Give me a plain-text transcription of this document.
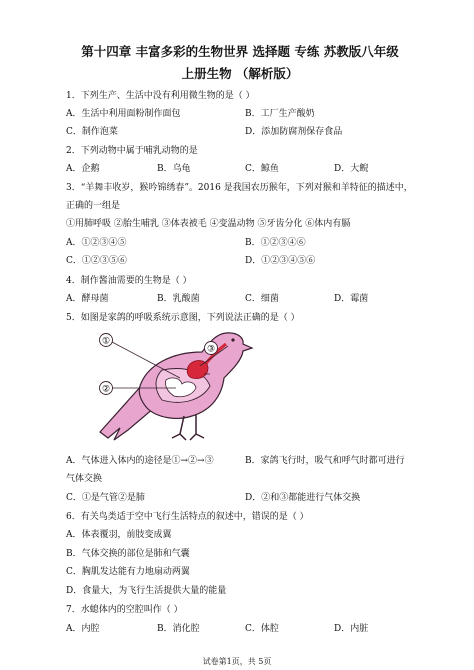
第十四章 丰富多彩的生物世界 选择题 专练 苏教版八年级
上册生物 （解析版）
1．下列生产、生活中没有利用微生物的是（ ）
A．生活中利用面粉制作面包	B．工厂生产酸奶
C．制作泡菜	D．添加防腐剂保存食品
2．下列动物中属于哺乳动物的是
A．企鹅	B．乌龟	C．鲸鱼	D．大鲵
3．“羊舞丰收岁，猴吟锦绣春”。2016 是我国农历猴年，下列对猴和羊特征的描述中，
正确的一组是
①用肺呼吸 ②胎生哺乳 ③体表被毛 ④变温动物 ⑤牙齿分化 ⑥体内有膈
A．①②③④⑤	B．①②③④⑥
C．①②③⑤⑥	D．①②③④⑤⑥
4．制作酱油需要的生物是（ ）
A．酵母菌	B．乳酸菌	C．细菌	D．霉菌
5．如图是家鸽的呼吸系统示意图，下列说法正确的是（ ）
①
③
②
A．气体进入体内的途径是①→②→③	B．家鸽飞行时，吸气和呼气时都可进行
气体交换
C．①是气管②是肺	D．②和③都能进行气体交换
6．有关鸟类适于空中飞行生活特点的叙述中，错误的是（ ）
A．体表覆羽，前肢变成翼
B．气体交换的部位是肺和气囊
C．胸肌发达能有力地扇动两翼
D．食量大，为飞行生活提供大量的能量
7．水螅体内的空腔叫作（ ）
A．内腔	B．消化腔	C．体腔	D．内脏
试卷第1页，共 5页
